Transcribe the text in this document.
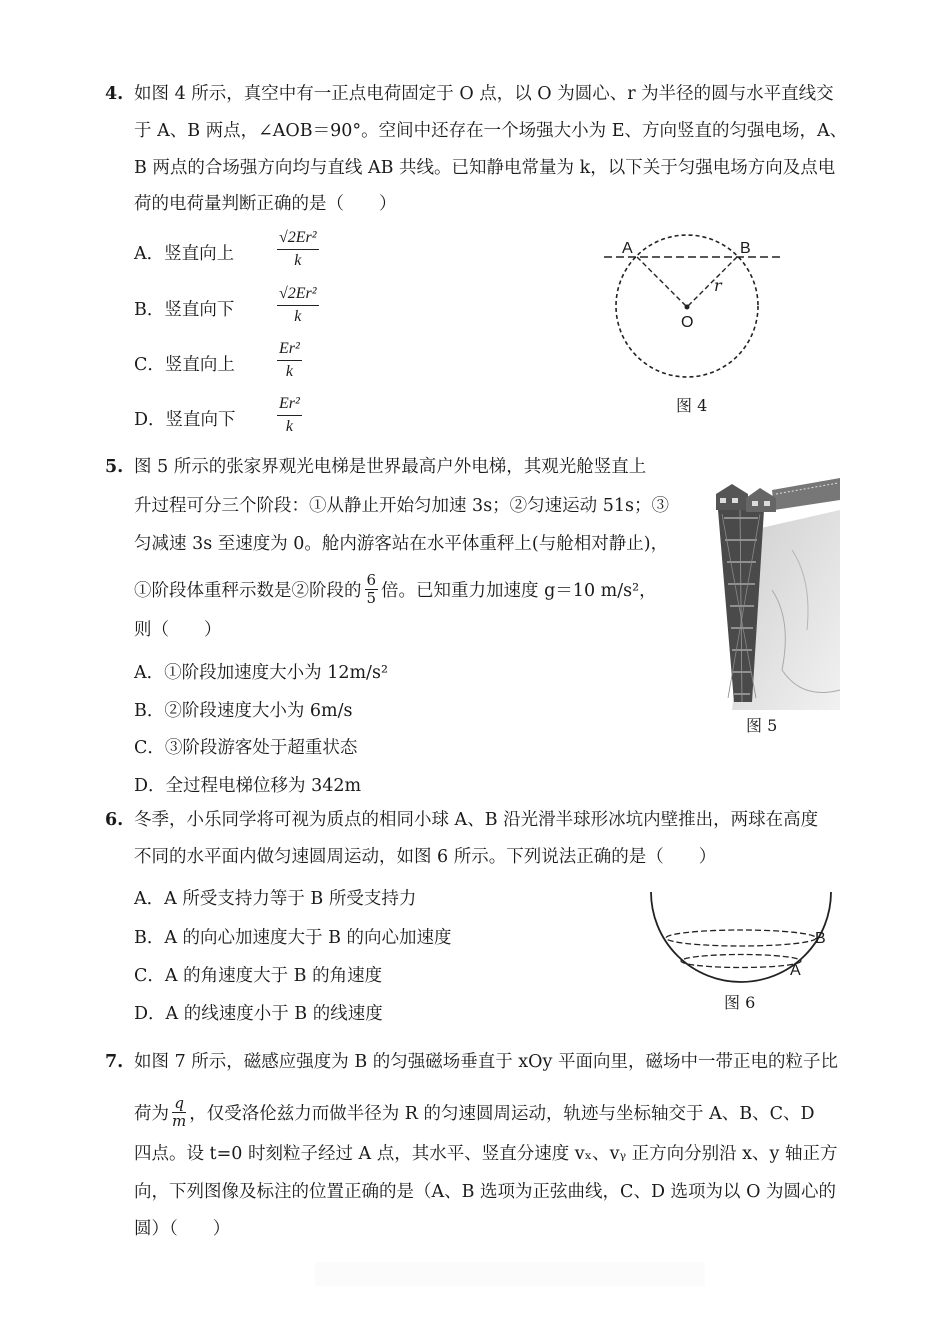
4. 如图 4 所示，真空中有一正点电荷固定于 O 点，以 O 为圆心、r 为半径的圆与水平直线交
于 A、B 两点，∠AOB＝90°。空间中还存在一个场强大小为 E、方向竖直的匀强电场，A、
B 两点的合场强方向均与直线 AB 共线。已知静电常量为 k，以下关于匀强电场方向及点电
荷的电荷量判断正确的是（　　）
A．竖直向上	$\frac{\text{√2Er²}}{k}$
B．竖直向下	$\frac{\text{√2Er²}}{k}$
C．竖直向上	$\frac{\text{Er²}}{k}$
D．竖直向下	$\frac{\text{Er²}}{k}$
A	B
O
r
图 4
5. 图 5 所示的张家界观光电梯是世界最高户外电梯，其观光舱竖直上
升过程可分三个阶段：①从静止开始匀加速 3s；②匀速运动 51s；③
匀减速 3s 至速度为 0。舱内游客站在水平体重秤上(与舱相对静止)，
①阶段体重秤示数是②阶段的 $\frac{6}{5}$ 倍。已知重力加速度 g＝10 m/s²，
则（　　）
A．①阶段加速度大小为 12m/s²
B．②阶段速度大小为 6m/s
C．③阶段游客处于超重状态
D．全过程电梯位移为 342m
图 5
6. 冬季，小乐同学将可视为质点的相同小球 A、B 沿光滑半球形冰坑内壁推出，两球在高度
不同的水平面内做匀速圆周运动，如图 6 所示。下列说法正确的是（　　）
A．A 所受支持力等于 B 所受支持力
B．A 的向心加速度大于 B 的向心加速度
C．A 的角速度大于 B 的角速度
D．A 的线速度小于 B 的线速度
B
A
图 6
7. 如图 7 所示，磁感应强度为 B 的匀强磁场垂直于 xOy 平面向里，磁场中一带正电的粒子比
荷为 $\frac{q}{m}$ ，仅受洛伦兹力而做半径为 R 的匀速圆周运动，轨迹与坐标轴交于 A、B、C、D
四点。设 t=0 时刻粒子经过 A 点，其水平、竖直分速度 vₓ、vᵧ 正方向分别沿 x、y 轴正方
向，下列图像及标注的位置正确的是（A、B 选项为正弦曲线，C、D 选项为以 O 为圆心的
圆）（　　）
